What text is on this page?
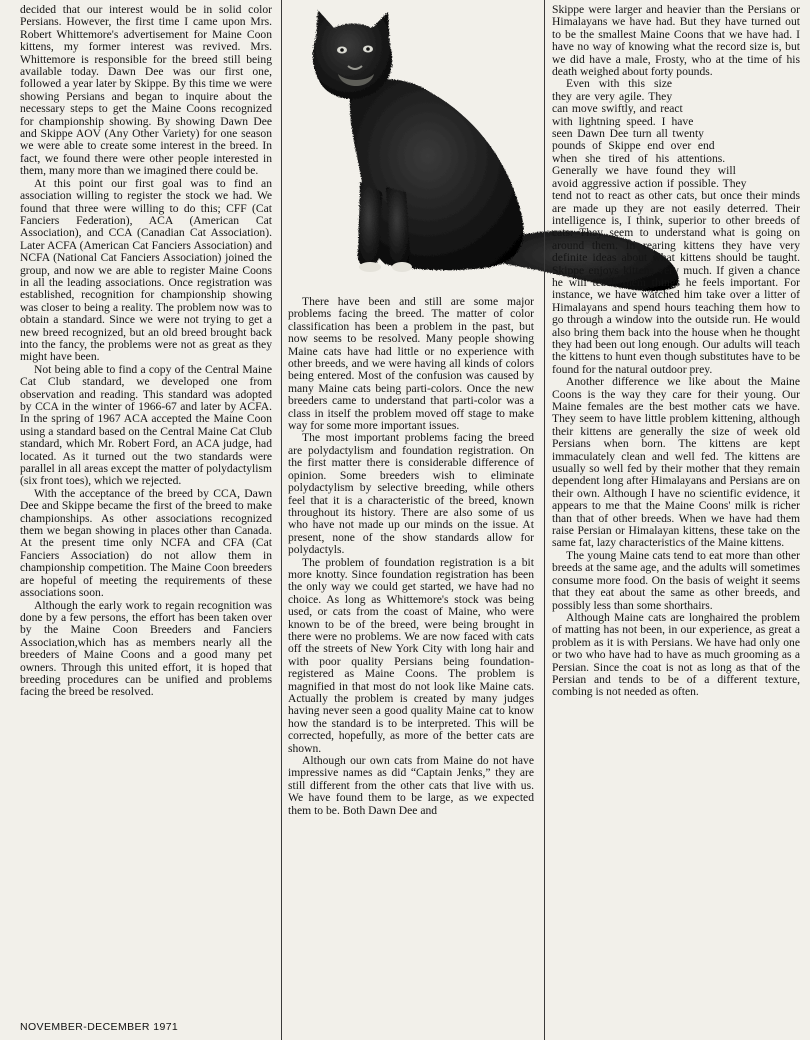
decided that our interest would be in solid color Persians. However, the first time I came upon Mrs. Robert Whittemore's advertisement for Maine Coon kittens, my former interest was revived. Mrs. Whittemore is responsible for the breed still being available today. Dawn Dee was our first one, followed a year later by Skippe. By this time we were showing Persians and began to inquire about the necessary steps to get the Maine Coons recognized for championship showing. By showing Dawn Dee and Skippe AOV (Any Other Variety) for one season we were able to create some interest in the breed. In fact, we found there were other people interested in them, many more than we imagined there could be.

At this point our first goal was to find an association willing to register the stock we had. We found that three were willing to do this; CFF (Cat Fanciers Federation), ACA (American Cat Association), and CCA (Canadian Cat Association). Later ACFA (American Cat Fanciers Association) and NCFA (National Cat Fanciers Association) joined the group, and now we are able to register Maine Coons in all the leading associations. Once registration was established, recognition for championship showing was closer to being a reality. The problem now was to obtain a standard. Since we were not trying to get a new breed recognized, but an old breed brought back into the fancy, the problems were not as great as they might have been.

Not being able to find a copy of the Central Maine Cat Club standard, we developed one from observation and reading. This standard was adopted by CCA in the winter of 1966-67 and later by ACFA. In the spring of 1967 ACA accepted the Maine Coon using a standard based on the Central Maine Cat Club standard, which Mr. Robert Ford, an ACA judge, had located. As it turned out the two standards were parallel in all areas except the matter of polydactylism (six front toes), which we rejected.

With the acceptance of the breed by CCA, Dawn Dee and Skippe became the first of the breed to make championships. As other associations recognized them we began showing in places other than Canada. At the present time only NCFA and CFA (Cat Fanciers Association) do not allow them in championship competition. The Maine Coon breeders are hopeful of meeting the requirements of these associations soon.

Although the early work to regain recognition was done by a few persons, the effort has been taken over by the Maine Coon Breeders and Fanciers Association,which has as members nearly all the breeders of Maine Coons and a good many pet owners. Through this united effort, it is hoped that breeding procedures can be unified and problems facing the breed be resolved.

There have been and still are some major problems facing the breed. The matter of color classification has been a problem in the past, but now seems to be resolved. Many people showing Maine cats have had little or no experience with other breeds, and we were having all kinds of colors being entered. Most of the confusion was caused by many Maine cats being parti-colors. Once the new breeders came to understand that parti-color was a class in itself the problem moved off stage to make way for some more important issues.

The most important problems facing the breed are polydactylism and foundation registration. On the first matter there is considerable difference of opinion. Some breeders wish to eliminate polydactylism by selective breeding, while others feel that it is a characteristic of the breed, known throughout its history. There are also some of us who have not made up our minds on the issue. At present, none of the show standards allow for polydactyls.

The problem of foundation registration is a bit more knotty. Since foundation registration has been the only way we could get started, we have had no choice. As long as Whittemore's stock was being used, or cats from the coast of Maine, who were known to be of the breed, were being brought in there were no problems. We are now faced with cats off the streets of New York City with long hair and with poor quality Persians being foundation-registered as Maine Coons. The problem is magnified in that most do not look like Maine cats. Actually the problem is created by many judges having never seen a good quality Maine cat to know how the standard is to be interpreted. This will be corrected, hopefully, as more of the better cats are shown.

Although our own cats from Maine do not have impressive names as did “Captain Jenks,” they are still different from the other cats that live with us. We have found them to be large, as we expected them to be. Both Dawn Dee and

Skippe were larger and heavier than the Persians or Himalayans we have had. But they have turned out to be the smallest Maine Coons that we have had. I have no way of knowing what the record size is, but we did have a male, Frosty, who at the time of his death weighed about forty pounds.

Even with this size they are very agile. They can move swiftly, and react with lightning speed. I have seen Dawn Dee turn all twenty pounds of Skippe end over end when she tired of his attentions. Generally we have found they will avoid aggressive action if possible. They tend not to react as other cats, but once their minds are made up they are not easily deterred. Their intelligence is, I think, superior to other breeds of cats. They seem to understand what is going on around them. In rearing kittens they have very definite ideas about what kittens should be taught. Skippe enjoys kittens very much. If given a chance he will teach them things he feels important. For instance, we have watched him take over a litter of Himalayans and spend hours teaching them how to go through a window into the outside run. He would also bring them back into the house when he thought they had been out long enough. Our adults will teach the kittens to hunt even though substitutes have to be found for the natural outdoor prey.

Another difference we like about the Maine Coons is the way they care for their young. Our Maine females are the best mother cats we have. They seem to have little problem kittening, although their kittens are generally the size of week old Persians when born. The kittens are kept immaculately clean and well fed. The kittens are usually so well fed by their mother that they remain dependent long after Himalayans and Persians are on their own. Although I have no scientific evidence, it appears to me that the Maine Coons' milk is richer than that of other breeds. When we have had them raise Persian or Himalayan kittens, these take on the same fat, lazy characteristics of the Maine kittens.

The young Maine cats tend to eat more than other breeds at the same age, and the adults will sometimes consume more food. On the basis of weight it seems that they eat about the same as other breeds, and possibly less than some shorthairs.

Although Maine cats are longhaired the problem of matting has not been, in our experience, as great a problem as it is with Persians. We have had only one or two who have had to have as much grooming as a Persian. Since the coat is not as long as that of the Persian and tends to be of a different texture, combing is not needed as often.

NOVEMBER-DECEMBER 1971
